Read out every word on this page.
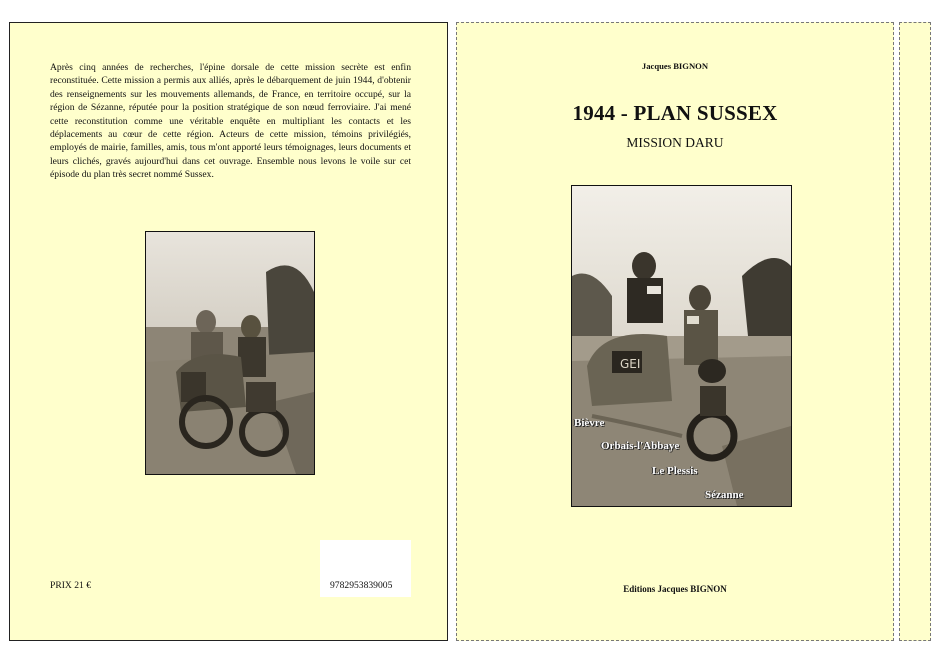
Après cinq années de recherches, l'épine dorsale de cette mission secrète est enfin reconstituée. Cette mission a permis aux alliés, après le débarquement de juin 1944, d'obtenir des renseignements sur les mouvements allemands, de France, en territoire occupé, sur la région de Sézanne, réputée pour la position stratégique de son nœud ferroviaire. J'ai mené cette reconstitution comme une véritable enquête en multipliant les contacts et les déplacements au cœur de cette région. Acteurs de cette mission, témoins privilégiés, employés de mairie, familles, amis, tous m'ont apporté leurs témoignages, leurs documents et leurs clichés, gravés aujourd'hui dans cet ouvrage. Ensemble nous levons le voile sur cet épisode du plan très secret nommé Sussex.

PRIX 21 €	9782953839005

Jacques BIGNON

1944 - PLAN SUSSEX

MISSION DARU

GEI
Bièvre
Orbais-l'Abbaye
Le Plessis
Sézanne

Editions Jacques BIGNON
